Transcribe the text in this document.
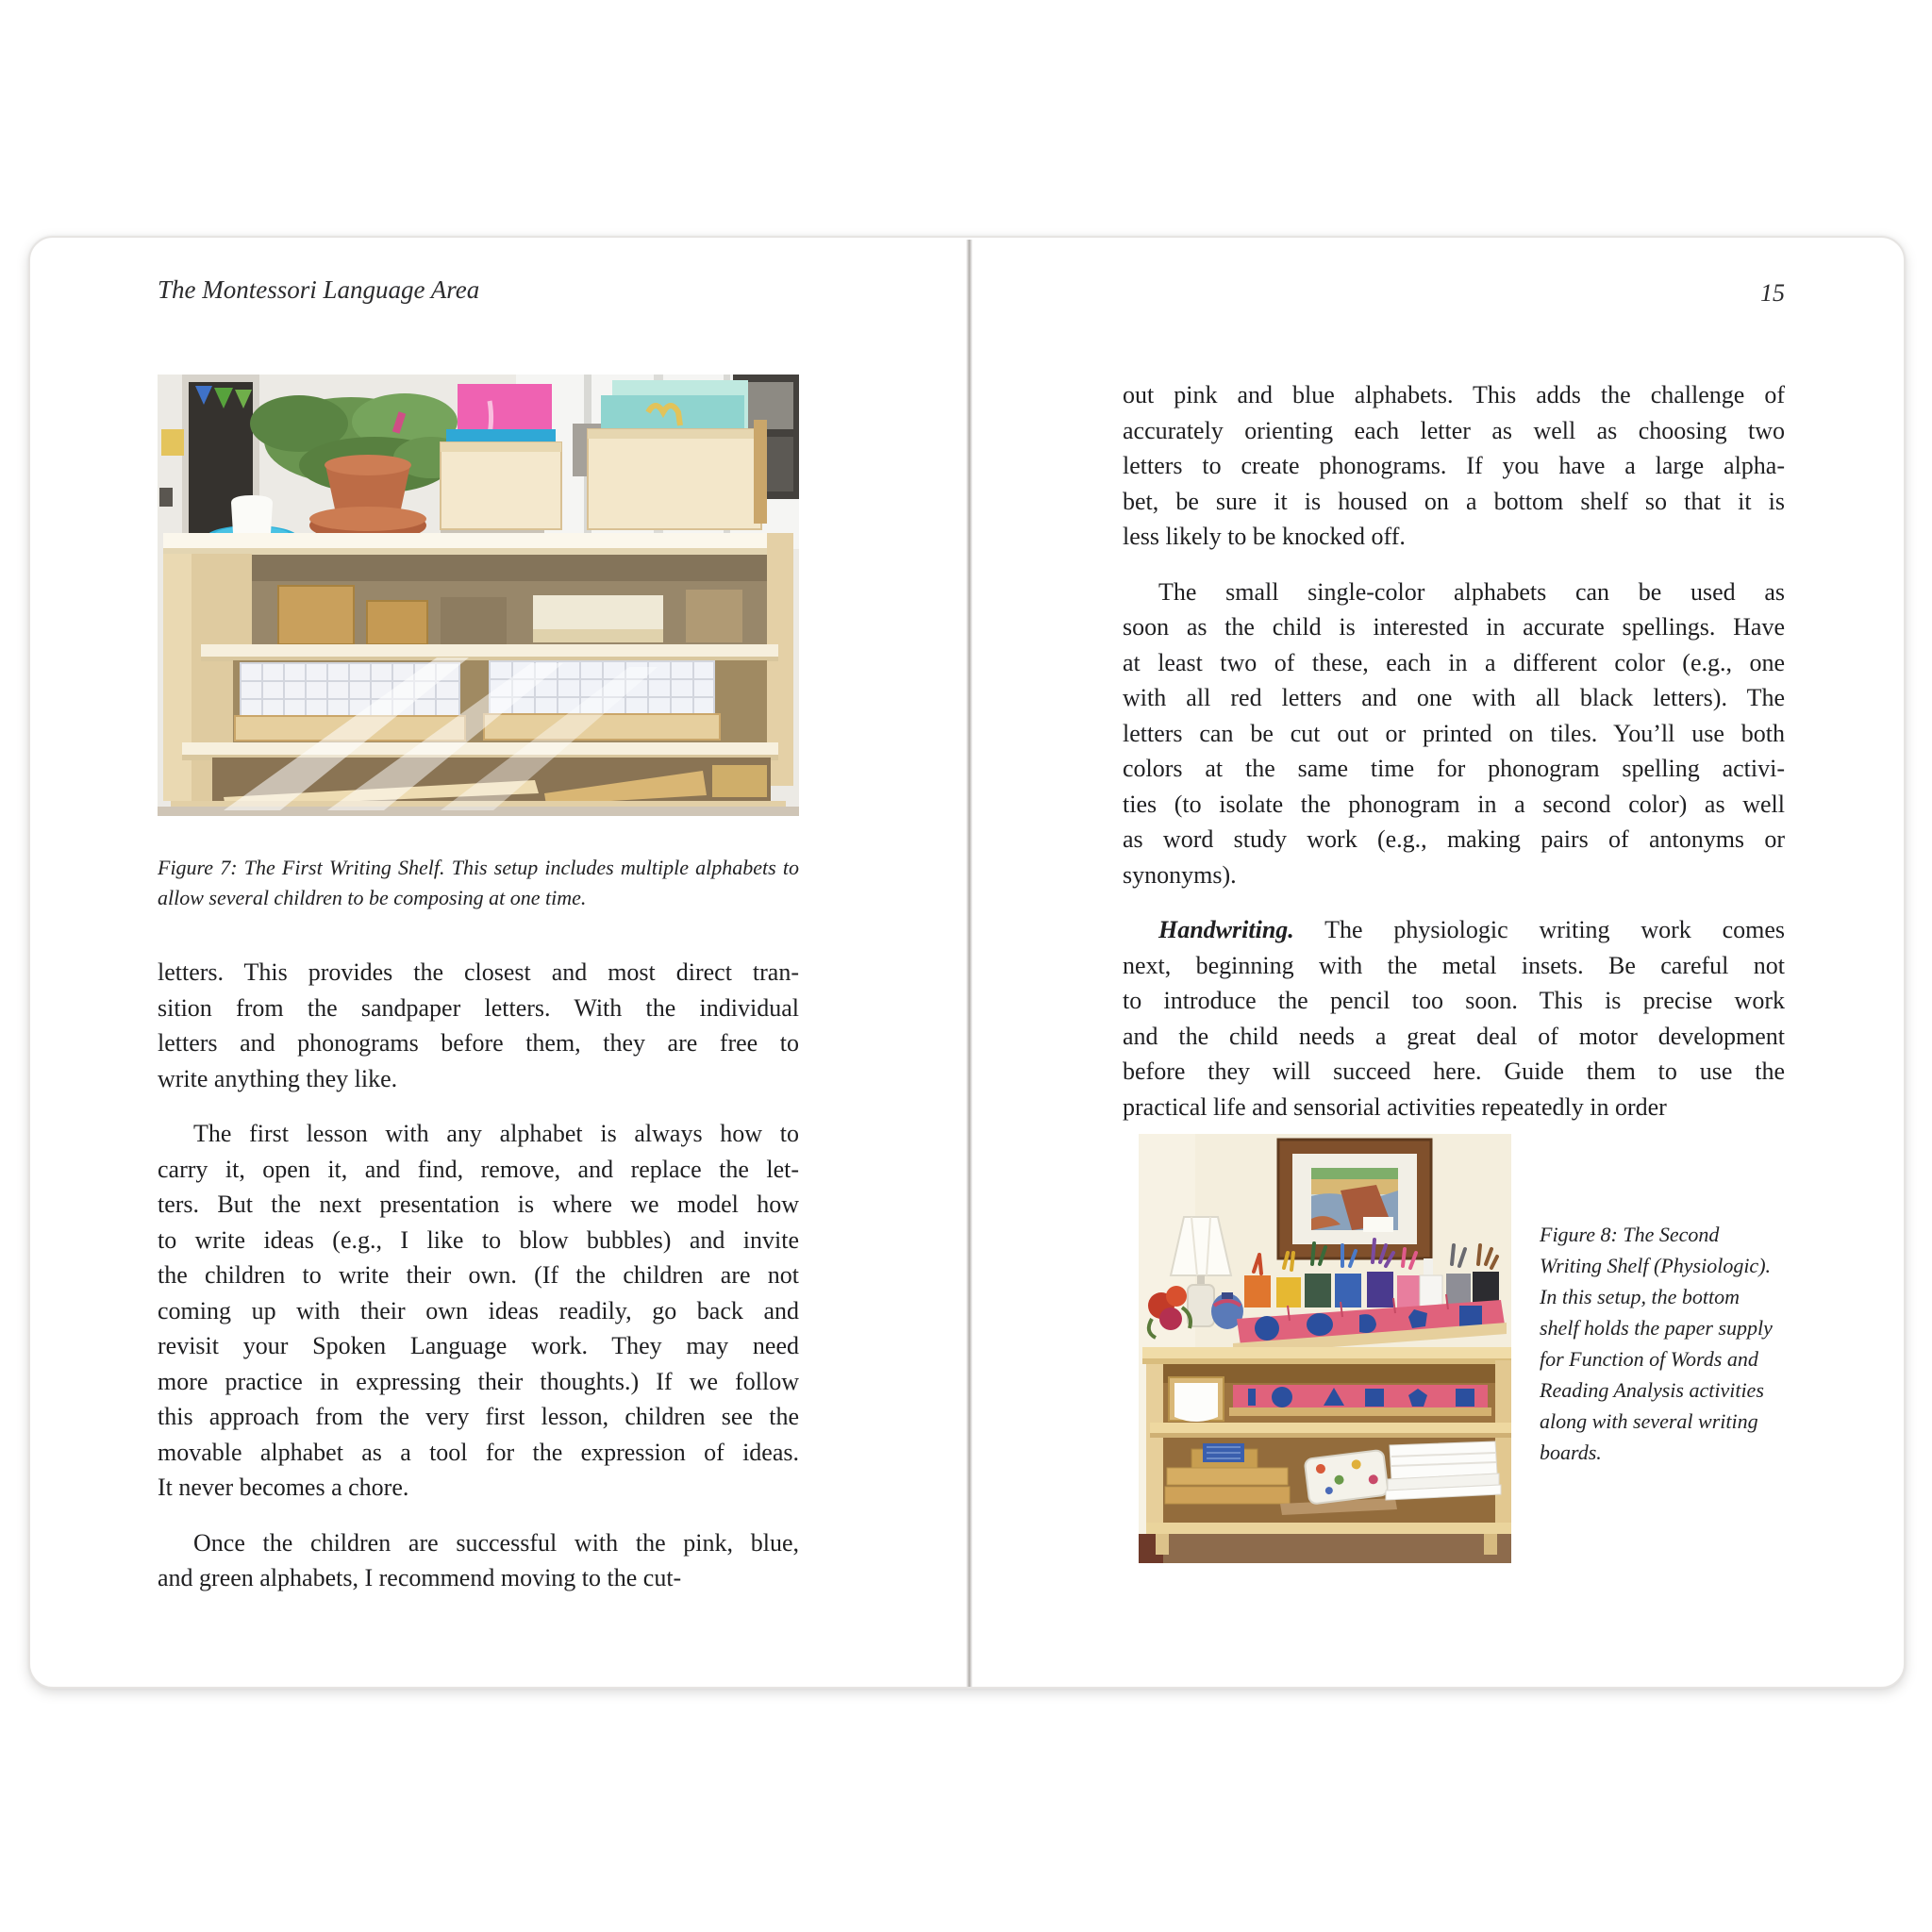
The Montessori Language Area
Figure 7: The First Writing Shelf. This setup includes multiple alphabets to
allow several children to be composing at one time.
letters. This provides the closest and most direct tran-
sition from the sandpaper letters. With the individual
letters and phonograms before them, they are free to
write anything they like.
The first lesson with any alphabet is always how to
carry it, open it, and find, remove, and replace the let-
ters. But the next presentation is where we model how
to write ideas (e.g., I like to blow bubbles) and invite
the children to write their own. (If the children are not
coming up with their own ideas readily, go back and
revisit your Spoken Language work. They may need
more practice in expressing their thoughts.) If we follow
this approach from the very first lesson, children see the
movable alphabet as a tool for the expression of ideas.
It never becomes a chore.
Once the children are successful with the pink, blue,
and green alphabets, I recommend moving to the cut-
15
out pink and blue alphabets. This adds the challenge of
accurately orienting each letter as well as choosing two
letters to create phonograms. If you have a large alpha-
bet, be sure it is housed on a bottom shelf so that it is
less likely to be knocked off.
The small single-color alphabets can be used as
soon as the child is interested in accurate spellings. Have
at least two of these, each in a different color (e.g., one
with all red letters and one with all black letters). The
letters can be cut out or printed on tiles. You’ll use both
colors at the same time for phonogram spelling activi-
ties (to isolate the phonogram in a second color) as well
as word study work (e.g., making pairs of antonyms or
synonyms).
Handwriting. The physiologic writing work comes
next, beginning with the metal insets. Be careful not
to introduce the pencil too soon. This is precise work
and the child needs a great deal of motor development
before they will succeed here. Guide them to use the
practical life and sensorial activities repeatedly in order
Figure 8: The Second
Writing Shelf (Physiologic).
In this setup, the bottom
shelf holds the paper supply
for Function of Words and
Reading Analysis activities
along with several writing
boards.
